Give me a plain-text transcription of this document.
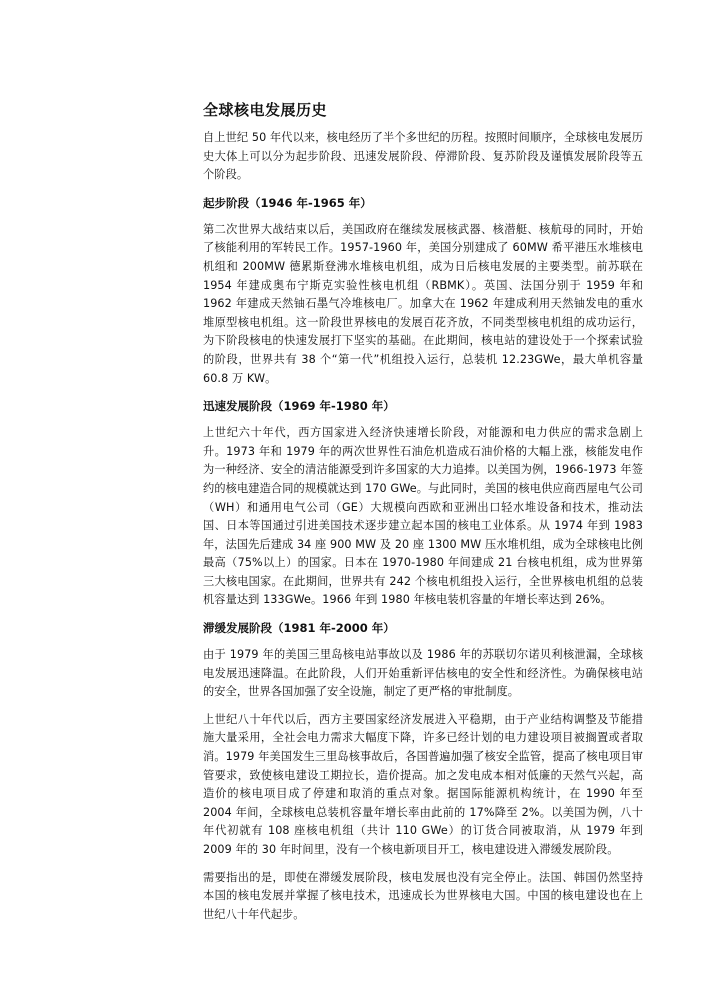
全球核电发展历史

自上世纪 50 年代以来，核电经历了半个多世纪的历程。按照时间顺序，全球核电发展历史大体上可以分为起步阶段、迅速发展阶段、停滞阶段、复苏阶段及谨慎发展阶段等五个阶段。

起步阶段（1946 年-1965 年）

第二次世界大战结束以后，美国政府在继续发展核武器、核潜艇、核航母的同时，开始了核能利用的军转民工作。1957-1960 年，美国分别建成了 60MW 希平港压水堆核电机组和 200MW 德累斯登沸水堆核电机组，成为日后核电发展的主要类型。前苏联在 1954 年建成奥布宁斯克实验性核电机组（RBMK）。英国、法国分别于 1959 年和 1962 年建成天然铀石墨气冷堆核电厂。加拿大在 1962 年建成利用天然铀发电的重水堆原型核电机组。这一阶段世界核电的发展百花齐放，不同类型核电机组的成功运行，为下阶段核电的快速发展打下坚实的基础。在此期间，核电站的建设处于一个探索试验的阶段，世界共有 38 个“第一代”机组投入运行，总装机 12.23GWe，最大单机容量 60.8 万 KW。

迅速发展阶段（1969 年-1980 年）

上世纪六十年代，西方国家进入经济快速增长阶段，对能源和电力供应的需求急剧上升。1973 年和 1979 年的两次世界性石油危机造成石油价格的大幅上涨，核能发电作为一种经济、安全的清洁能源受到许多国家的大力追捧。以美国为例，1966-1973 年签约的核电建造合同的规模就达到 170 GWe。与此同时，美国的核电供应商西屋电气公司（WH）和通用电气公司（GE）大规模向西欧和亚洲出口轻水堆设备和技术，推动法国、日本等国通过引进美国技术逐步建立起本国的核电工业体系。从 1974 年到 1983 年，法国先后建成 34 座 900 MW 及 20 座 1300 MW 压水堆机组，成为全球核电比例最高（75%以上）的国家。日本在 1970-1980 年间建成 21 台核电机组，成为世界第三大核电国家。在此期间，世界共有 242 个核电机组投入运行，全世界核电机组的总装机容量达到 133GWe。1966 年到 1980 年核电装机容量的年增长率达到 26%。

滞缓发展阶段（1981 年-2000 年）

由于 1979 年的美国三里岛核电站事故以及 1986 年的苏联切尔诺贝利核泄漏，全球核电发展迅速降温。在此阶段，人们开始重新评估核电的安全性和经济性。为确保核电站的安全，世界各国加强了安全设施，制定了更严格的审批制度。

上世纪八十年代以后，西方主要国家经济发展进入平稳期，由于产业结构调整及节能措施大量采用，全社会电力需求大幅度下降，许多已经计划的电力建设项目被搁置或者取消。1979 年美国发生三里岛核事故后，各国普遍加强了核安全监管，提高了核电项目审管要求，致使核电建设工期拉长，造价提高。加之发电成本相对低廉的天然气兴起，高造价的核电项目成了停建和取消的重点对象。据国际能源机构统计，在 1990 年至 2004 年间，全球核电总装机容量年增长率由此前的 17%降至 2%。以美国为例，八十年代初就有 108 座核电机组（共计 110 GWe）的订货合同被取消，从 1979 年到 2009 年的 30 年时间里，没有一个核电新项目开工，核电建设进入滞缓发展阶段。

需要指出的是，即使在滞缓发展阶段，核电发展也没有完全停止。法国、韩国仍然坚持本国的核电发展并掌握了核电技术，迅速成长为世界核电大国。中国的核电建设也在上世纪八十年代起步。
